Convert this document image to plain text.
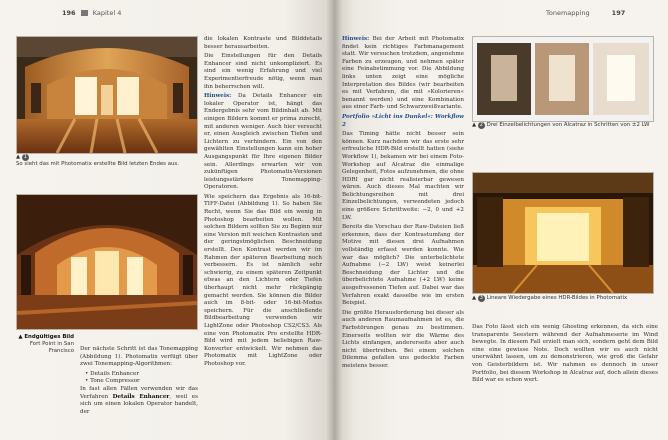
196	Kapitel 4
▲ 1
So sieht das mit Photomatix erstellte Bild letzten Endes aus.
▲ Endgültiges Bild
Fort Point in San
Francisco

die lokalen Kontraste und Bilddetails besser herausarbeiten.

Die Einstellungen für den Details Enhancer sind nicht unkompliziert. Es sind ein wenig Erfahrung und viel Experimentierfreude nötig, wenn man ihn beherrschen will.

Hinweis: Da Details Enhancer ein lokaler Operator ist, hängt das Endergebnis sehr vom Bildinhalt ab. Mit einigen Bildern kommt er prima zurecht, mit anderen weniger. Auch hier versucht er, einen Ausgleich zwischen Tiefen und Lichtern zu verhindern. Ein von den gewählten Einstellungen kann ein hoher Ausgangspunkt für Ihre eigenen Bilder sein. Allerdings erwarten wir von zukünftigen Photomatix-Versionen leistungsstärkere Tonemapping-Operatoren.

Wie speichern das Ergebnis als 16-bit-TIFF-Datei (Abbildung 1). So haben Sie Recht, wenn Sie das Bild ein wenig in Photoshop bearbeiten wollen. Mit solchen Bildern sollten Sie zu Beginn nur eine Version mit weichen Kontrasten und der geringstmöglichen Beschneidung erstellt. Den Kontrast werden wir im Rahmen der späteren Bearbeitung noch verbessern. Es ist nämlich sehr schwierig, zu einem späteren Zeitpunkt etwas an den Lichtern oder Tiefen überhaupt nicht mehr rückgängig gemacht werden. Sie können die Bilder auch im 8-bit- oder 16-bit-Modus speichern. Für die anschließende Bildbearbeitung verwenden wir LightZone oder Photoshop CS2/CS3. Als eine von Photomatix Pro erstellte HDR-Bild wird mit jedem beliebigen Raw-Konverter entwickelt. Wir nehmen das Photomatix mit LightZone oder Photoshop vor.

Der nächste Schritt ist das Tonemapping (Abbildung 1). Photomatix verfügt über zwei Tonemapping-Algorithmen:

• Details Enhancer
• Tone Compressor

In fast allen Fällen verwenden wir das Verfahren Details Enhancer, weil es sich um einen lokalen Operator handelt, der

Tonemapping	197

Hinweis: Bei der Arbeit mit Photomatix findet kein richtiges Farbmanagement statt. Wir versuchen trotzdem, angenehme Farben zu erzeugen, und nehmen später eine Feinabstimmung vor. Die Abbildung links unten zeigt eine mögliche Interpretation des Bildes (wir bearbeiten es mit Verfahren, die mit »Kolorieren« benannt werden) und eine Kombination aus einer Farb- und Schwarzweißvariante.

Portfolio »Licht ins Dunkel«: Workflow 2

Das Timing hätte nicht besser sein können. Kurz nachdem wir das erste sehr erfreuliche HDR-Bild erstellt hatten (siehe Workflow 1), bekamen wir bei einem Foto-Workshop auf Alcatraz die einmalige Gelegenheit, Fotos aufzunehmen, die ohne HDRI gar nicht realisierbar gewesen wären. Auch dieses Mal machten wir Belichtungsreihen mit drei Einzelbelichtungen, verwendeten jedoch eine größere Schrittweite: −2, 0 und +2 LW.

Bereits die Vorschau der Raw-Dateien ließ erkennen, dass der Kontrastumfang der Motive mit diesen drei Aufnahmen vollständig erfasst werden konnte. Wie war das möglich? Die unterbelichtete Aufnahme (−2 LW) weist keinerlei Beschneidung der Lichter und die überbelichtete Aufnahme (+2 LW) keine ausgefressenen Tiefen auf. Dabei war das Verfahren exakt dasselbe wie im ersten Beispiel.

Die größte Herausforderung bei dieser als auch anderen Raumaufnahmen ist es, die Farbstörungen genau zu bestimmen. Einerseits wollten wir die Wärme des Lichts einfangen, andererseits aber auch nicht übertreiben. Bei einem solchen Dilemma gefallen uns gedeckte Farben meistens besser.

▲ 2 Drei Einzelbelichtungen von Alcatraz in Schritten von ±2 LW
▲ 3 Lineare Wiedergabe eines HDR-Bildes in Photomatix

Das Foto lässt sich ein wenig Ghosting erkennen, da sich eine transparente Seestern während der Aufnahmeserie im Wind bewegte. In diesem Fall erzielt man sich, sondern geht dem Bild eine eine gewisse Note. Doch wollten wir es auch nicht unerwähnt lassen, um zu demonstrieren, wie groß die Gefahr von Geisterbildern ist. Wir nahmen es dennoch in unser Portfolio, bei diesem Workshop in Alcatraz auf, doch allein dieses Bild war es schon wert.
